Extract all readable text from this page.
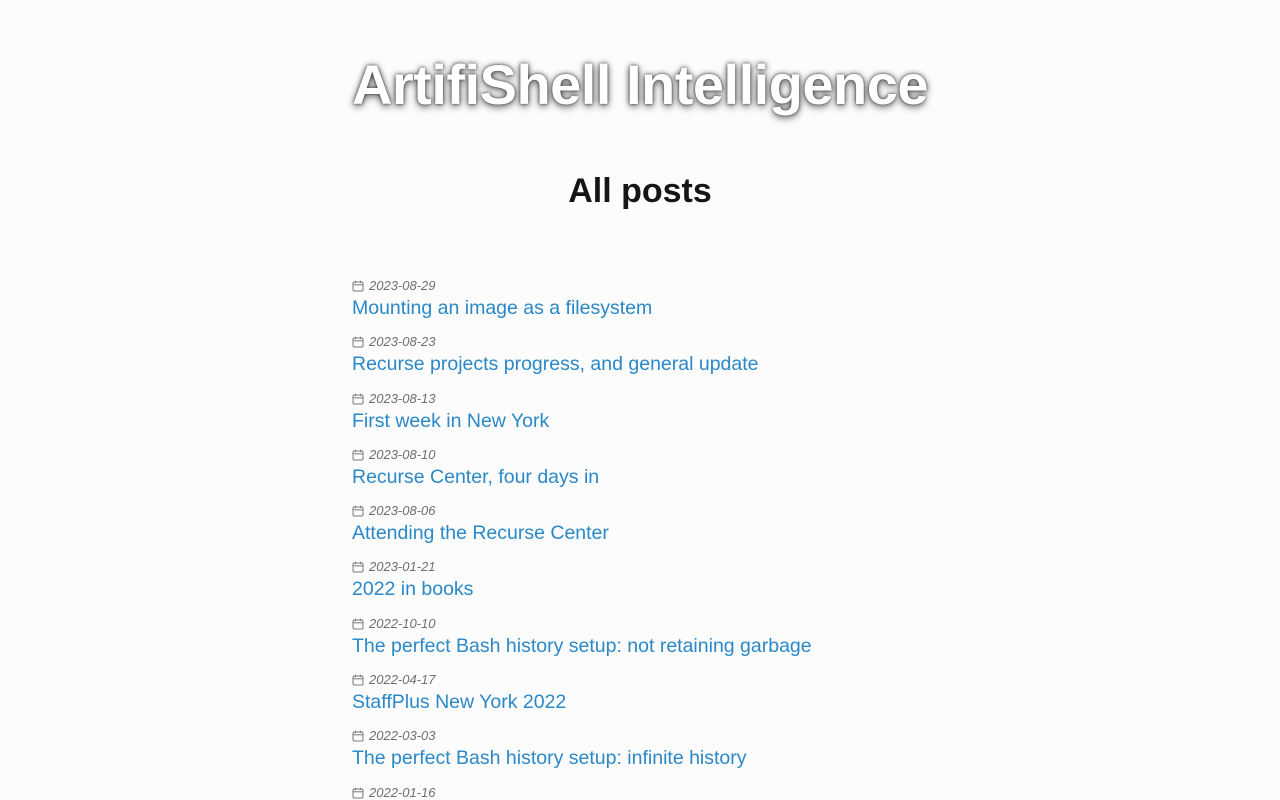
ArtifiShell Intelligence
All posts
2023-08-29
Mounting an image as a filesystem
2023-08-23
Recurse projects progress, and general update
2023-08-13
First week in New York
2023-08-10
Recurse Center, four days in
2023-08-06
Attending the Recurse Center
2023-01-21
2022 in books
2022-10-10
The perfect Bash history setup: not retaining garbage
2022-04-17
StaffPlus New York 2022
2022-03-03
The perfect Bash history setup: infinite history
2022-01-16
